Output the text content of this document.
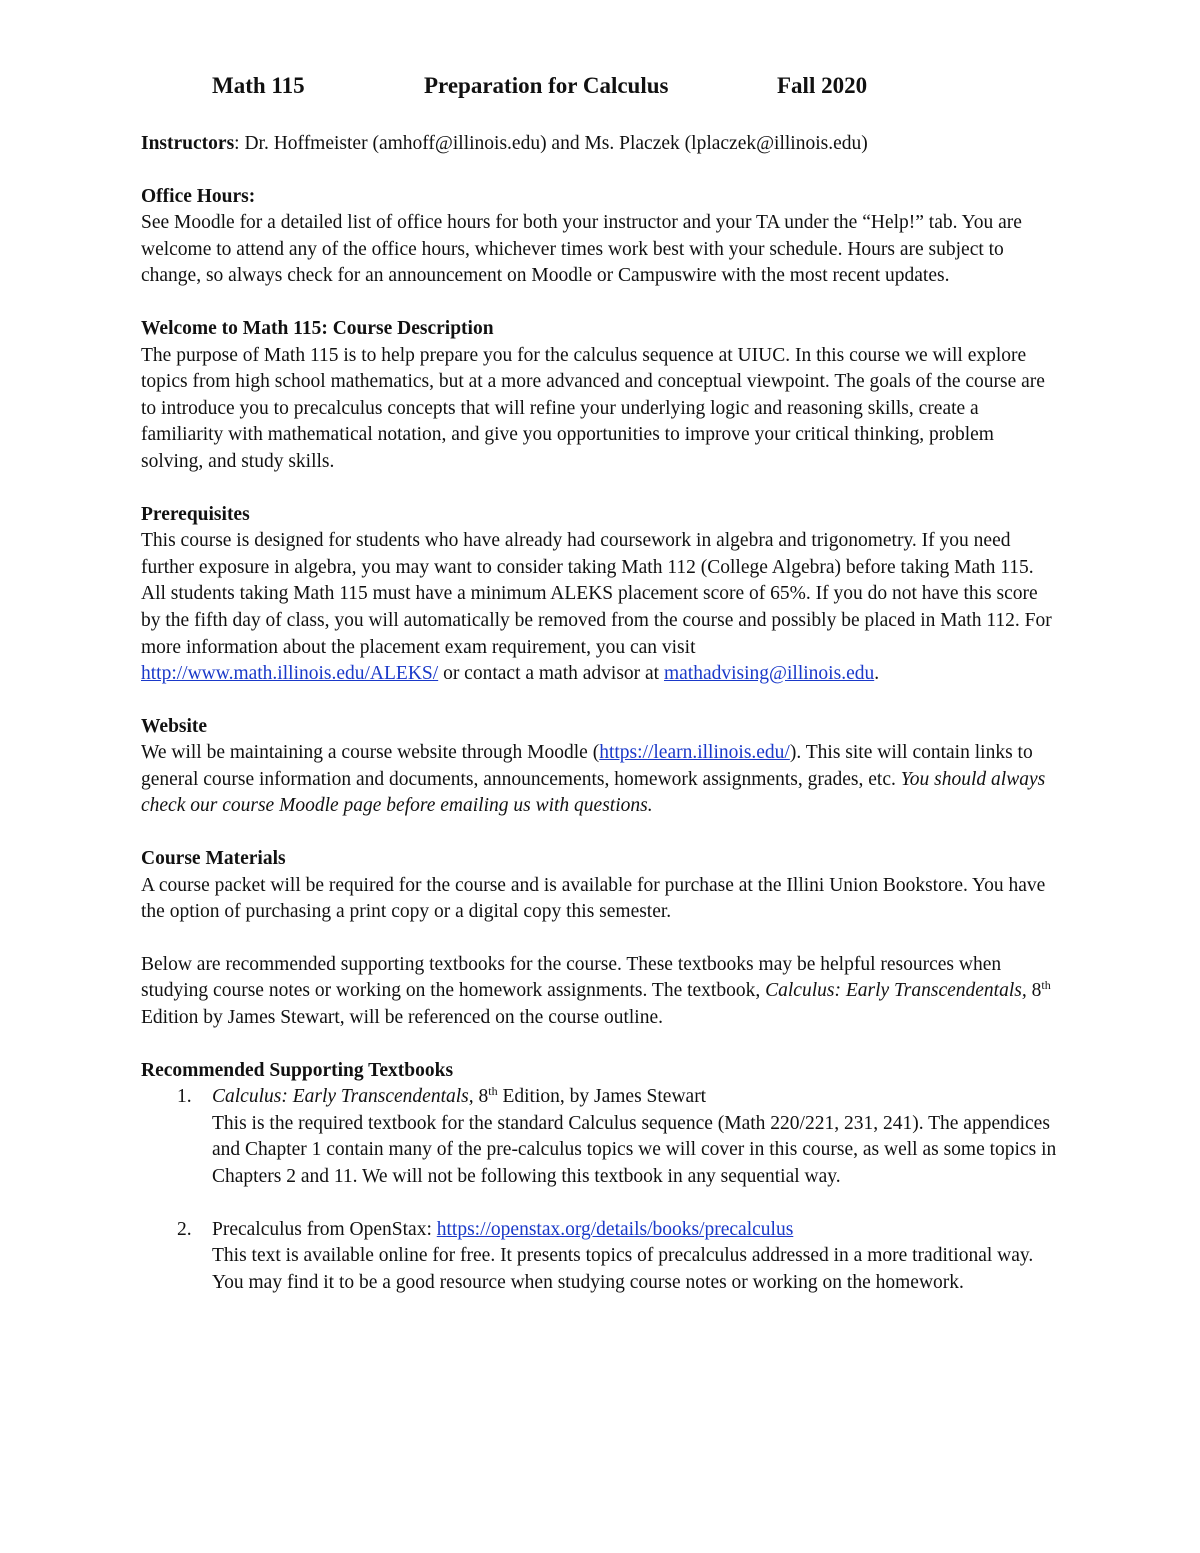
Math 115	Preparation for Calculus	Fall 2020

Instructors: Dr. Hoffmeister (amhoff@illinois.edu) and Ms. Placzek (lplaczek@illinois.edu)

Office Hours:

See Moodle for a detailed list of office hours for both your instructor and your TA under the “Help!” tab. You are welcome to attend any of the office hours, whichever times work best with your schedule. Hours are subject to change, so always check for an announcement on Moodle or Campuswire with the most recent updates.

Welcome to Math 115: Course Description

The purpose of Math 115 is to help prepare you for the calculus sequence at UIUC. In this course we will explore topics from high school mathematics, but at a more advanced and conceptual viewpoint. The goals of the course are to introduce you to precalculus concepts that will refine your underlying logic and reasoning skills, create a familiarity with mathematical notation, and give you opportunities to improve your critical thinking, problem solving, and study skills.

Prerequisites

This course is designed for students who have already had coursework in algebra and trigonometry. If you need further exposure in algebra, you may want to consider taking Math 112 (College Algebra) before taking Math 115. All students taking Math 115 must have a minimum ALEKS placement score of 65%. If you do not have this score by the fifth day of class, you will automatically be removed from the course and possibly be placed in Math 112. For more information about the placement exam requirement, you can visit
http://www.math.illinois.edu/ALEKS/ or contact a math advisor at mathadvising@illinois.edu.

Website

We will be maintaining a course website through Moodle (https://learn.illinois.edu/). This site will contain links to general course information and documents, announcements, homework assignments, grades, etc. You should always check our course Moodle page before emailing us with questions.

Course Materials

A course packet will be required for the course and is available for purchase at the Illini Union Bookstore. You have the option of purchasing a print copy or a digital copy this semester.

Below are recommended supporting textbooks for the course. These textbooks may be helpful resources when studying course notes or working on the homework assignments. The textbook, Calculus: Early Transcendentals, 8th Edition by James Stewart, will be referenced on the course outline.

Recommended Supporting Textbooks

1. Calculus: Early Transcendentals, 8th Edition, by James Stewart

This is the required textbook for the standard Calculus sequence (Math 220/221, 231, 241). The appendices and Chapter 1 contain many of the pre-calculus topics we will cover in this course, as well as some topics in Chapters 2 and 11. We will not be following this textbook in any sequential way.

2. Precalculus from OpenStax: https://openstax.org/details/books/precalculus

This text is available online for free. It presents topics of precalculus addressed in a more traditional way. You may find it to be a good resource when studying course notes or working on the homework.
